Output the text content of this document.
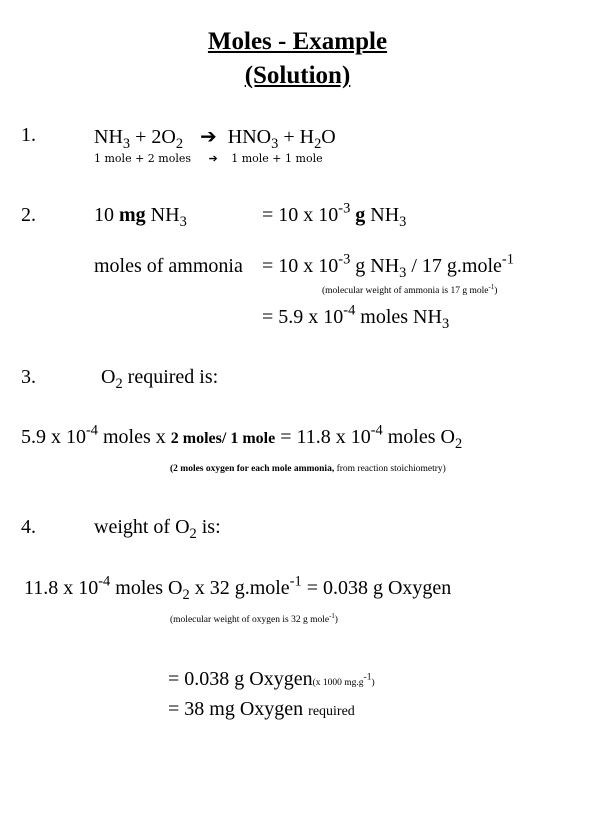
Moles - Example
(Solution)
1.	$NH_3 + 2O_2$ ➔ $HNO_3 + H_2O$
1 mole + 2 moles ➔ 1 mole + 1 mole
2.	10 mg $NH_3$	= 10 x $10^{-3}$ g $NH_3$
moles of ammonia = 10 x $10^{-3}$ g $NH_3 / 17$ g.mole$^{-1}$
(molecular weight of ammonia is 17 g mole$^{-1}$)
= 5.9 x $10^{-4}$ moles $NH_3$
3.	$O_2$ required is:
5.9 x $10^{-4}$ moles x 2 moles/ 1 mole = 11.8 x $10^{-4}$ moles $O_2$
(2 moles oxygen for each mole ammonia, from reaction stoichiometry)
4.	weight of $O_2$ is:
11.8 x $10^{-4}$ moles $O_2$ x 32 g.mole$^{-1}$ = 0.038 g Oxygen
(molecular weight of oxygen is 32 g mole$^{-1}$)
= 0.038 g Oxygen(x 1000 $mg.g^{-1}$)
= 38 mg Oxygen required
